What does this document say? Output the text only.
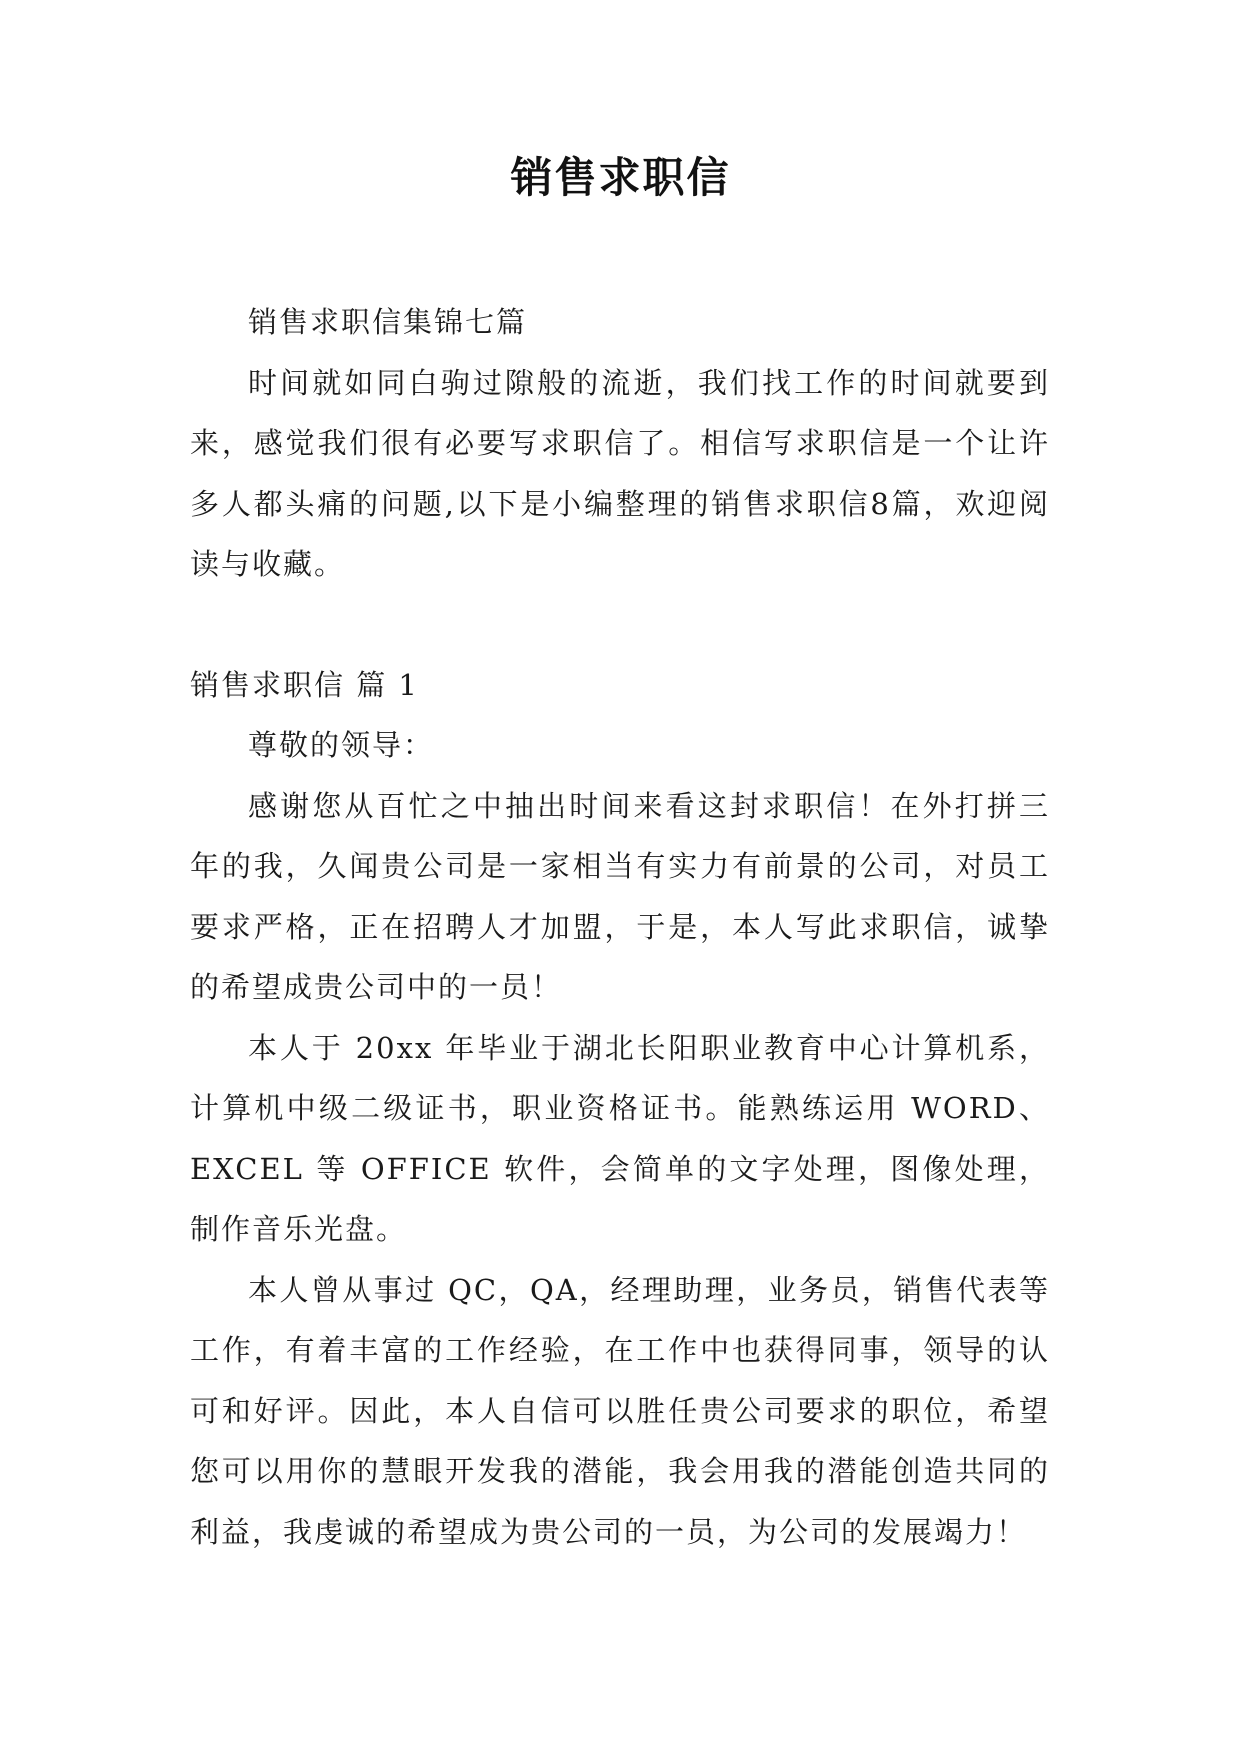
销售求职信

销售求职信集锦七篇

时间就如同白驹过隙般的流逝，我们找工作的时间就要到来，感觉我们很有必要写求职信了。相信写求职信是一个让许多人都头痛的问题,以下是小编整理的销售求职信8篇，欢迎阅读与收藏。

销售求职信 篇 1

尊敬的领导：

感谢您从百忙之中抽出时间来看这封求职信！在外打拼三年的我，久闻贵公司是一家相当有实力有前景的公司，对员工要求严格，正在招聘人才加盟，于是，本人写此求职信，诚挚的希望成贵公司中的一员！

本人于 20xx 年毕业于湖北长阳职业教育中心计算机系，计算机中级二级证书，职业资格证书。能熟练运用 WORD、EXCEL 等 OFFICE 软件，会简单的文字处理，图像处理，制作音乐光盘。

本人曾从事过 QC，QA，经理助理，业务员，销售代表等工作，有着丰富的工作经验，在工作中也获得同事，领导的认可和好评。因此，本人自信可以胜任贵公司要求的职位，希望您可以用你的慧眼开发我的潜能，我会用我的潜能创造共同的利益，我虔诚的希望成为贵公司的一员，为公司的发展竭力！
